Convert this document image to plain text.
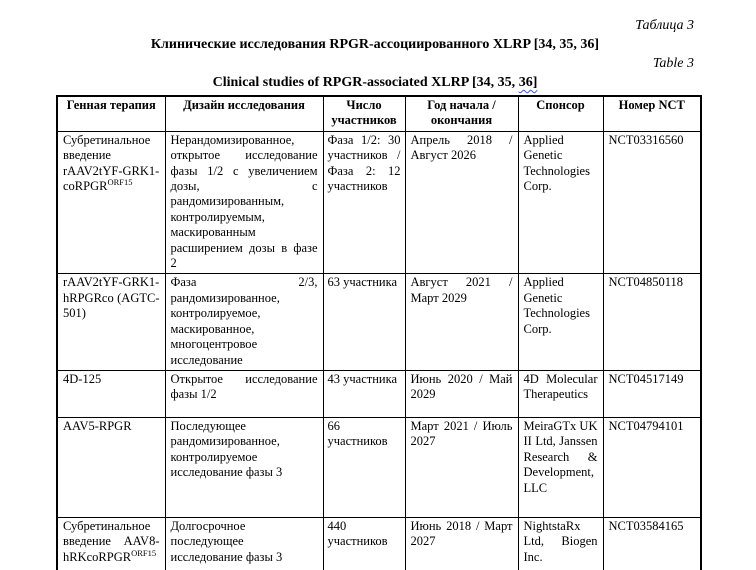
Таблица 3
Клинические исследования RPGR-ассоциированного XLRP [34, 35, 36]
Table 3
Clinical studies of RPGR-associated XLRP [34, 35, 36]
Генная терапия	Дизайн исследования	Число участников	Год начала / окончания	Спонсор	Номер NCT
Субретинальное введение rAAV2tYF-GRK1-coRPGR$^{ORF15}$	Нерандомизированное, открытое исследование фазы 1/2 с увеличением дозы, с рандомизированным, контролируемым, маскированным расширением дозы в фазе 2	Фаза 1/2: 30 участников / Фаза 2: 12 участников	Апрель 2018 / Август 2026	Applied Genetic Technologies Corp.	NCT03316560
rAAV2tYF-GRK1-hRPGRco (AGTC-501)	Фаза 2/3, рандомизированное, контролируемое, маскированное, многоцентровое исследование	63 участника	Август 2021 / Март 2029	Applied Genetic Technologies Corp.	NCT04850118
4D-125	Открытое исследование фазы 1/2	43 участника	Июнь 2020 / Май 2029	4D Molecular Therapeutics	NCT04517149
AAV5-RPGR	Последующее рандомизированное, контролируемое исследование фазы 3	66 участников	Март 2021 / Июль 2027	MeiraGTx UK II Ltd, Janssen Research & Development, LLC	NCT04794101
Субретинальное введение AAV8-hRKcoRPGR$^{ORF15}$	Долгосрочное последующее исследование фазы 3	440 участников	Июнь 2018 / Март 2027	NightstaRx Ltd, Biogen Inc.	NCT03584165
